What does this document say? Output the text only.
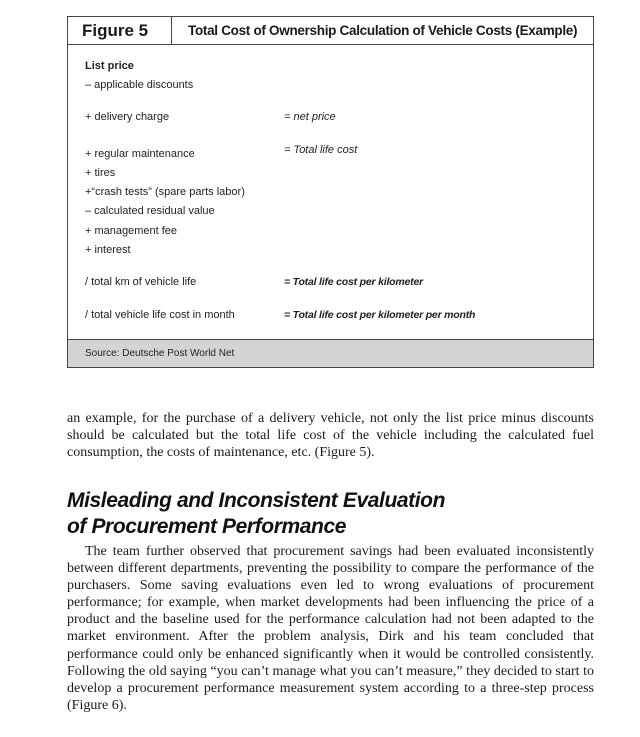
Figure 5	Total Cost of Ownership Calculation of Vehicle Costs (Example)
List price
– applicable discounts
+ delivery charge
+ regular maintenance
+ tires
+“crash tests” (spare parts labor)
– calculated residual value
+ management fee
+ interest
/ total km of vehicle life
/ total vehicle life cost in month
= net price
= Total life cost
= Total life cost per kilometer
= Total life cost per kilometer per month
Source: Deutsche Post World Net
an example, for the purchase of a delivery vehicle, not only the list price minus discounts should be calculated but the total life cost of the vehicle including the calculated fuel consumption, the costs of maintenance, etc. (Figure 5).
Misleading and Inconsistent Evaluation
of Procurement Performance
The team further observed that procurement savings had been evaluated inconsistently between different departments, preventing the possibility to compare the performance of the purchasers. Some saving evaluations even led to wrong evaluations of procurement performance; for example, when market developments had been influencing the price of a product and the baseline used for the performance calculation had not been adapted to the market environment. After the problem analysis, Dirk and his team concluded that performance could only be enhanced significantly when it would be controlled consistently. Following the old saying “you can’t manage what you can’t measure,” they decided to start to develop a procurement performance measurement system according to a three-step process (Figure 6).
